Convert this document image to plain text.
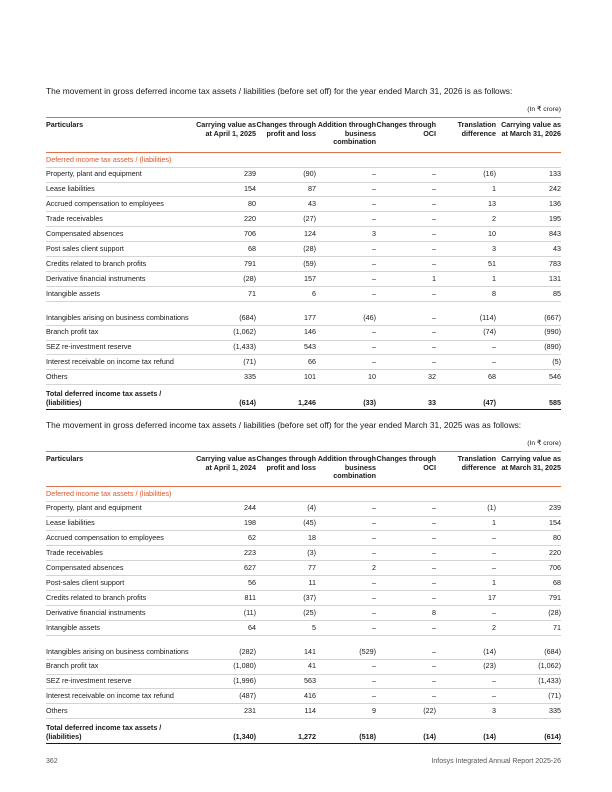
The movement in gross deferred income tax assets / liabilities (before set off) for the year ended March 31, 2026 is as follows:

(In ₹ crore)
Particulars	Carrying value as at April 1, 2025	Changes through profit and loss	Addition through business combination	Changes through OCI	Translation difference	Carrying value as at March 31, 2026
Deferred income tax assets / (liabilities)						
Property, plant and equipment	239	(90)	–	–	(16)	133
Lease liabilities	154	87	–	–	1	242
Accrued compensation to employees	80	43	–	–	13	136
Trade receivables	220	(27)	–	–	2	195
Compensated absences	706	124	3	–	10	843
Post sales client support	68	(28)	–	–	3	43
Credits related to branch profits	791	(59)	–	–	51	783
Derivative financial instruments	(28)	157	–	1	1	131
Intangible assets	71	6	–	–	8	85
Intangibles arising on business combinations	(684)	177	(46)	–	(114)	(667)
Branch profit tax	(1,062)	146	–	–	(74)	(990)
SEZ re-investment reserve	(1,433)	543	–	–	–	(890)
Interest receivable on income tax refund	(71)	66	–	–	–	(5)
Others	335	101	10	32	68	546
Total deferred income tax assets / (liabilities)	(614)	1,246	(33)	33	(47)	585

The movement in gross deferred income tax assets / liabilities (before set off) for the year ended March 31, 2025 was as follows:

(In ₹ crore)
Particulars	Carrying value as at April 1, 2024	Changes through profit and loss	Addition through business combination	Changes through OCI	Translation difference	Carrying value as at March 31, 2025
Deferred income tax assets / (liabilities)						
Property, plant and equipment	244	(4)	–	–	(1)	239
Lease liabilities	198	(45)	–	–	1	154
Accrued compensation to employees	62	18	–	–	–	80
Trade receivables	223	(3)	–	–	–	220
Compensated absences	627	77	2	–	–	706
Post-sales client support	56	11	–	–	1	68
Credits related to branch profits	811	(37)	–	–	17	791
Derivative financial instruments	(11)	(25)	–	8	–	(28)
Intangible assets	64	5	–	–	2	71
Intangibles arising on business combinations	(282)	141	(529)	–	(14)	(684)
Branch profit tax	(1,080)	41	–	–	(23)	(1,062)
SEZ re-investment reserve	(1,996)	563	–	–	–	(1,433)
Interest receivable on income tax refund	(487)	416	–	–	–	(71)
Others	231	114	9	(22)	3	335
Total deferred income tax assets / (liabilities)	(1,340)	1,272	(518)	(14)	(14)	(614)
362	Infosys Integrated Annual Report 2025-26
